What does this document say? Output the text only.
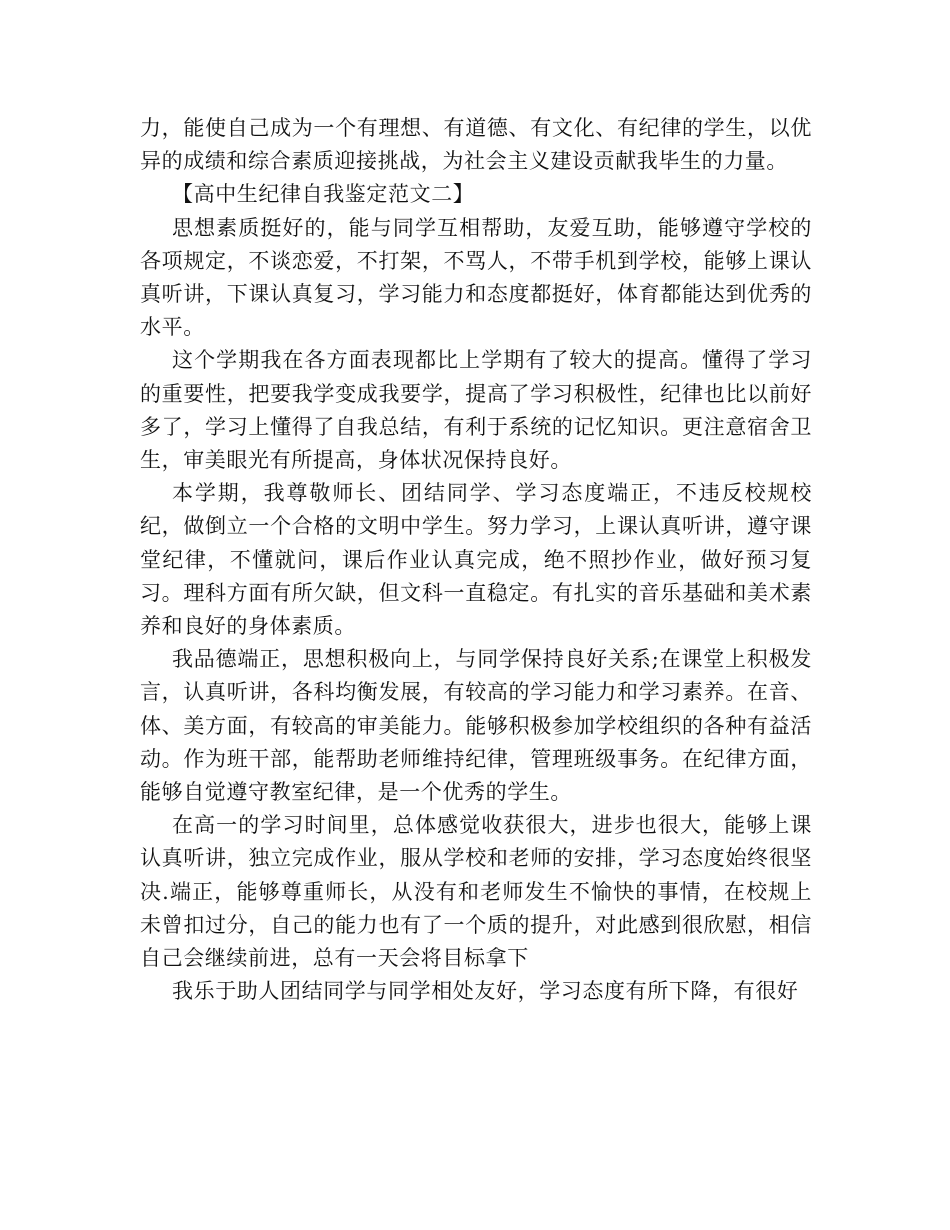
力，能使自己成为一个有理想、有道德、有文化、有纪律的学生，以优异的成绩和综合素质迎接挑战，为社会主义建设贡献我毕生的力量。

【高中生纪律自我鉴定范文二】

思想素质挺好的，能与同学互相帮助，友爱互助，能够遵守学校的各项规定，不谈恋爱，不打架，不骂人，不带手机到学校，能够上课认真听讲，下课认真复习，学习能力和态度都挺好，体育都能达到优秀的水平。

这个学期我在各方面表现都比上学期有了较大的提高。懂得了学习的重要性，把要我学变成我要学，提高了学习积极性，纪律也比以前好多了，学习上懂得了自我总结，有利于系统的记忆知识。更注意宿舍卫生，审美眼光有所提高，身体状况保持良好。

本学期，我尊敬师长、团结同学、学习态度端正，不违反校规校纪，做倒立一个合格的文明中学生。努力学习，上课认真听讲，遵守课堂纪律，不懂就问，课后作业认真完成，绝不照抄作业，做好预习复习。理科方面有所欠缺，但文科一直稳定。有扎实的音乐基础和美术素养和良好的身体素质。

我品德端正，思想积极向上，与同学保持良好关系;在课堂上积极发言，认真听讲，各科均衡发展，有较高的学习能力和学习素养。在音、体、美方面，有较高的审美能力。能够积极参加学校组织的各种有益活动。作为班干部，能帮助老师维持纪律，管理班级事务。在纪律方面，能够自觉遵守教室纪律，是一个优秀的学生。

在高一的学习时间里，总体感觉收获很大，进步也很大，能够上课认真听讲，独立完成作业，服从学校和老师的安排，学习态度始终很坚决.端正，能够尊重师长，从没有和老师发生不愉快的事情，在校规上未曾扣过分，自己的能力也有了一个质的提升，对此感到很欣慰，相信自己会继续前进，总有一天会将目标拿下

我乐于助人团结同学与同学相处友好，学习态度有所下降，有很好
